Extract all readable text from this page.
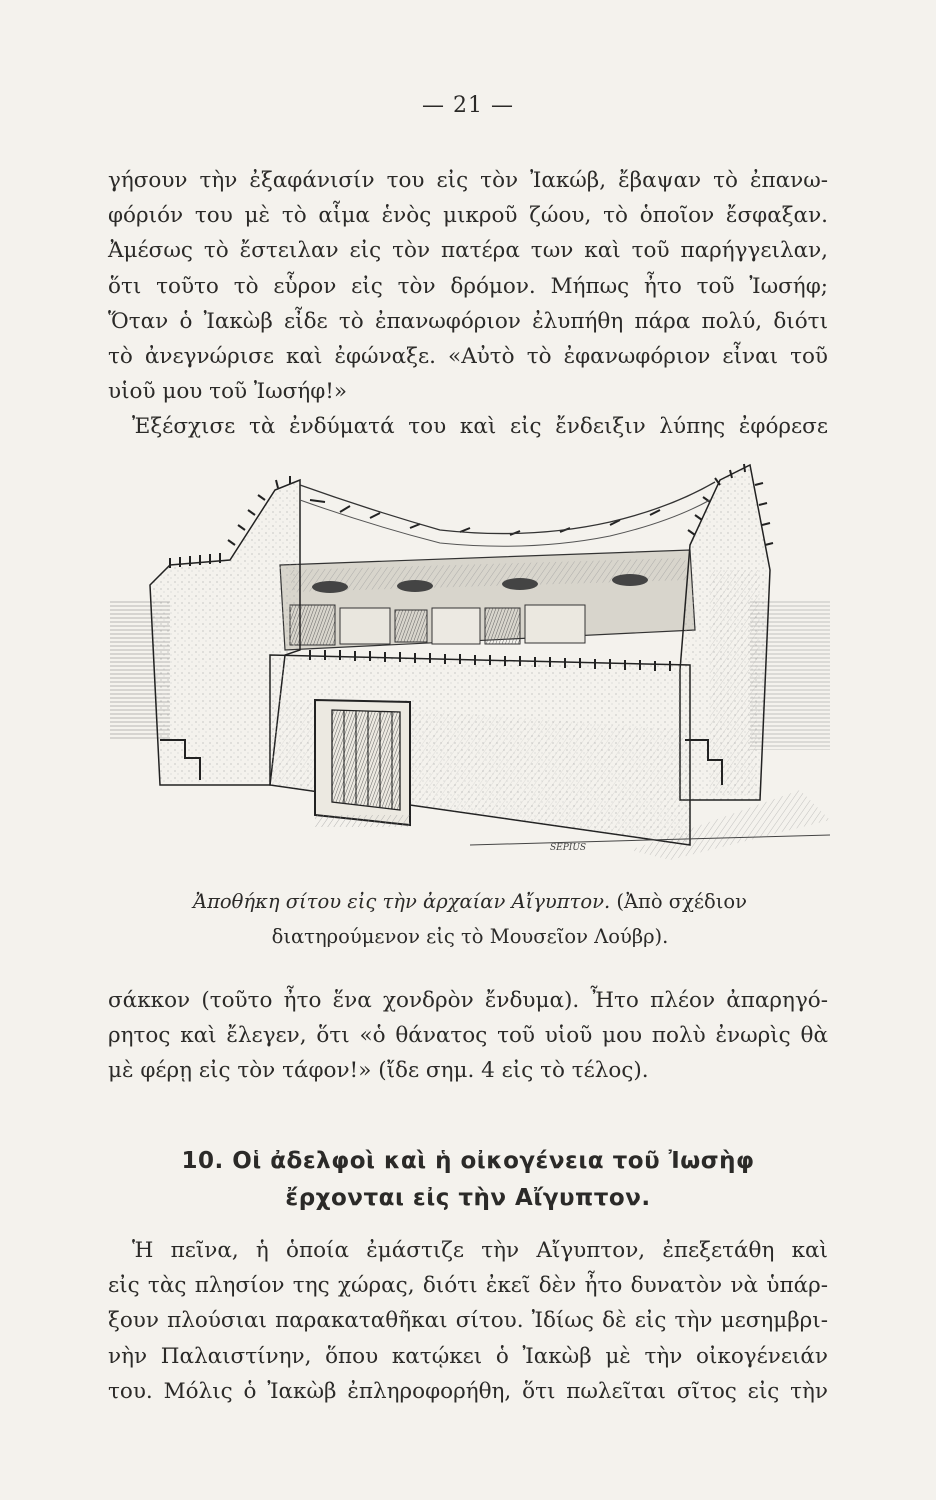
— 21 —
γήσουν τὴν ἐξαφάνισίν του εἰς τὸν Ἰακώβ, ἔβαψαν τὸ ἐπανω-
φόριόν του μὲ τὸ αἷμα ἑνὸς μικροῦ ζώου, τὸ ὁποῖον ἔσφαξαν.
Ἀμέσως τὸ ἔστειλαν εἰς τὸν πατέρα των καὶ τοῦ παρήγγειλαν,
ὅτι τοῦτο τὸ εὗρον εἰς τὸν δρόμον. Μήπως ἦτο τοῦ Ἰωσήφ;
Ὅταν ὁ Ἰακὼβ εἶδε τὸ ἐπανωφόριον ἐλυπήθη πάρα πολύ, διότι
τὸ ἀνεγνώρισε καὶ ἐφώναξε. «Αὐτὸ τὸ ἐφανωφόριον εἶναι τοῦ
υἱοῦ μου τοῦ Ἰωσήφ!»
Ἐξέσχισε τὰ ἐνδύματά του καὶ εἰς ἔνδειξιν λύπης ἐφόρεσε
SEPIUS
Ἀποθήκη σίτου εἰς τὴν ἀρχαίαν Αἴγυπτον. (Ἀπὸ σχέδιον
διατηρούμενον εἰς τὸ Μουσεῖον Λούβρ).
σάκκον (τοῦτο ἦτο ἕνα χονδρὸν ἔνδυμα). Ἦτο πλέον ἀπαρηγό-
ρητος καὶ ἔλεγεν, ὅτι «ὁ θάνατος τοῦ υἱοῦ μου πολὺ ἐνωρὶς θὰ
μὲ φέρῃ εἰς τὸν τάφον!» (ἴδε σημ. 4 εἰς τὸ τέλος).
10. Οἱ ἀδελφοὶ καὶ ἡ οἰκογένεια τοῦ Ἰωσὴφ
ἔρχονται εἰς τὴν Αἴγυπτον.
Ἡ πεῖνα, ἡ ὁποία ἐμάστιζε τὴν Αἴγυπτον, ἐπεξετάθη καὶ
εἰς τὰς πλησίον της χώρας, διότι ἐκεῖ δὲν ἦτο δυνατὸν νὰ ὑπάρ-
ξουν πλούσιαι παρακαταθῆκαι σίτου. Ἰδίως δὲ εἰς τὴν μεσημβρι-
νὴν Παλαιστίνην, ὅπου κατῴκει ὁ Ἰακὼβ μὲ τὴν οἰκογένειάν
του. Μόλις ὁ Ἰακὼβ ἐπληροφορήθη, ὅτι πωλεῖται σῖτος εἰς τὴν
